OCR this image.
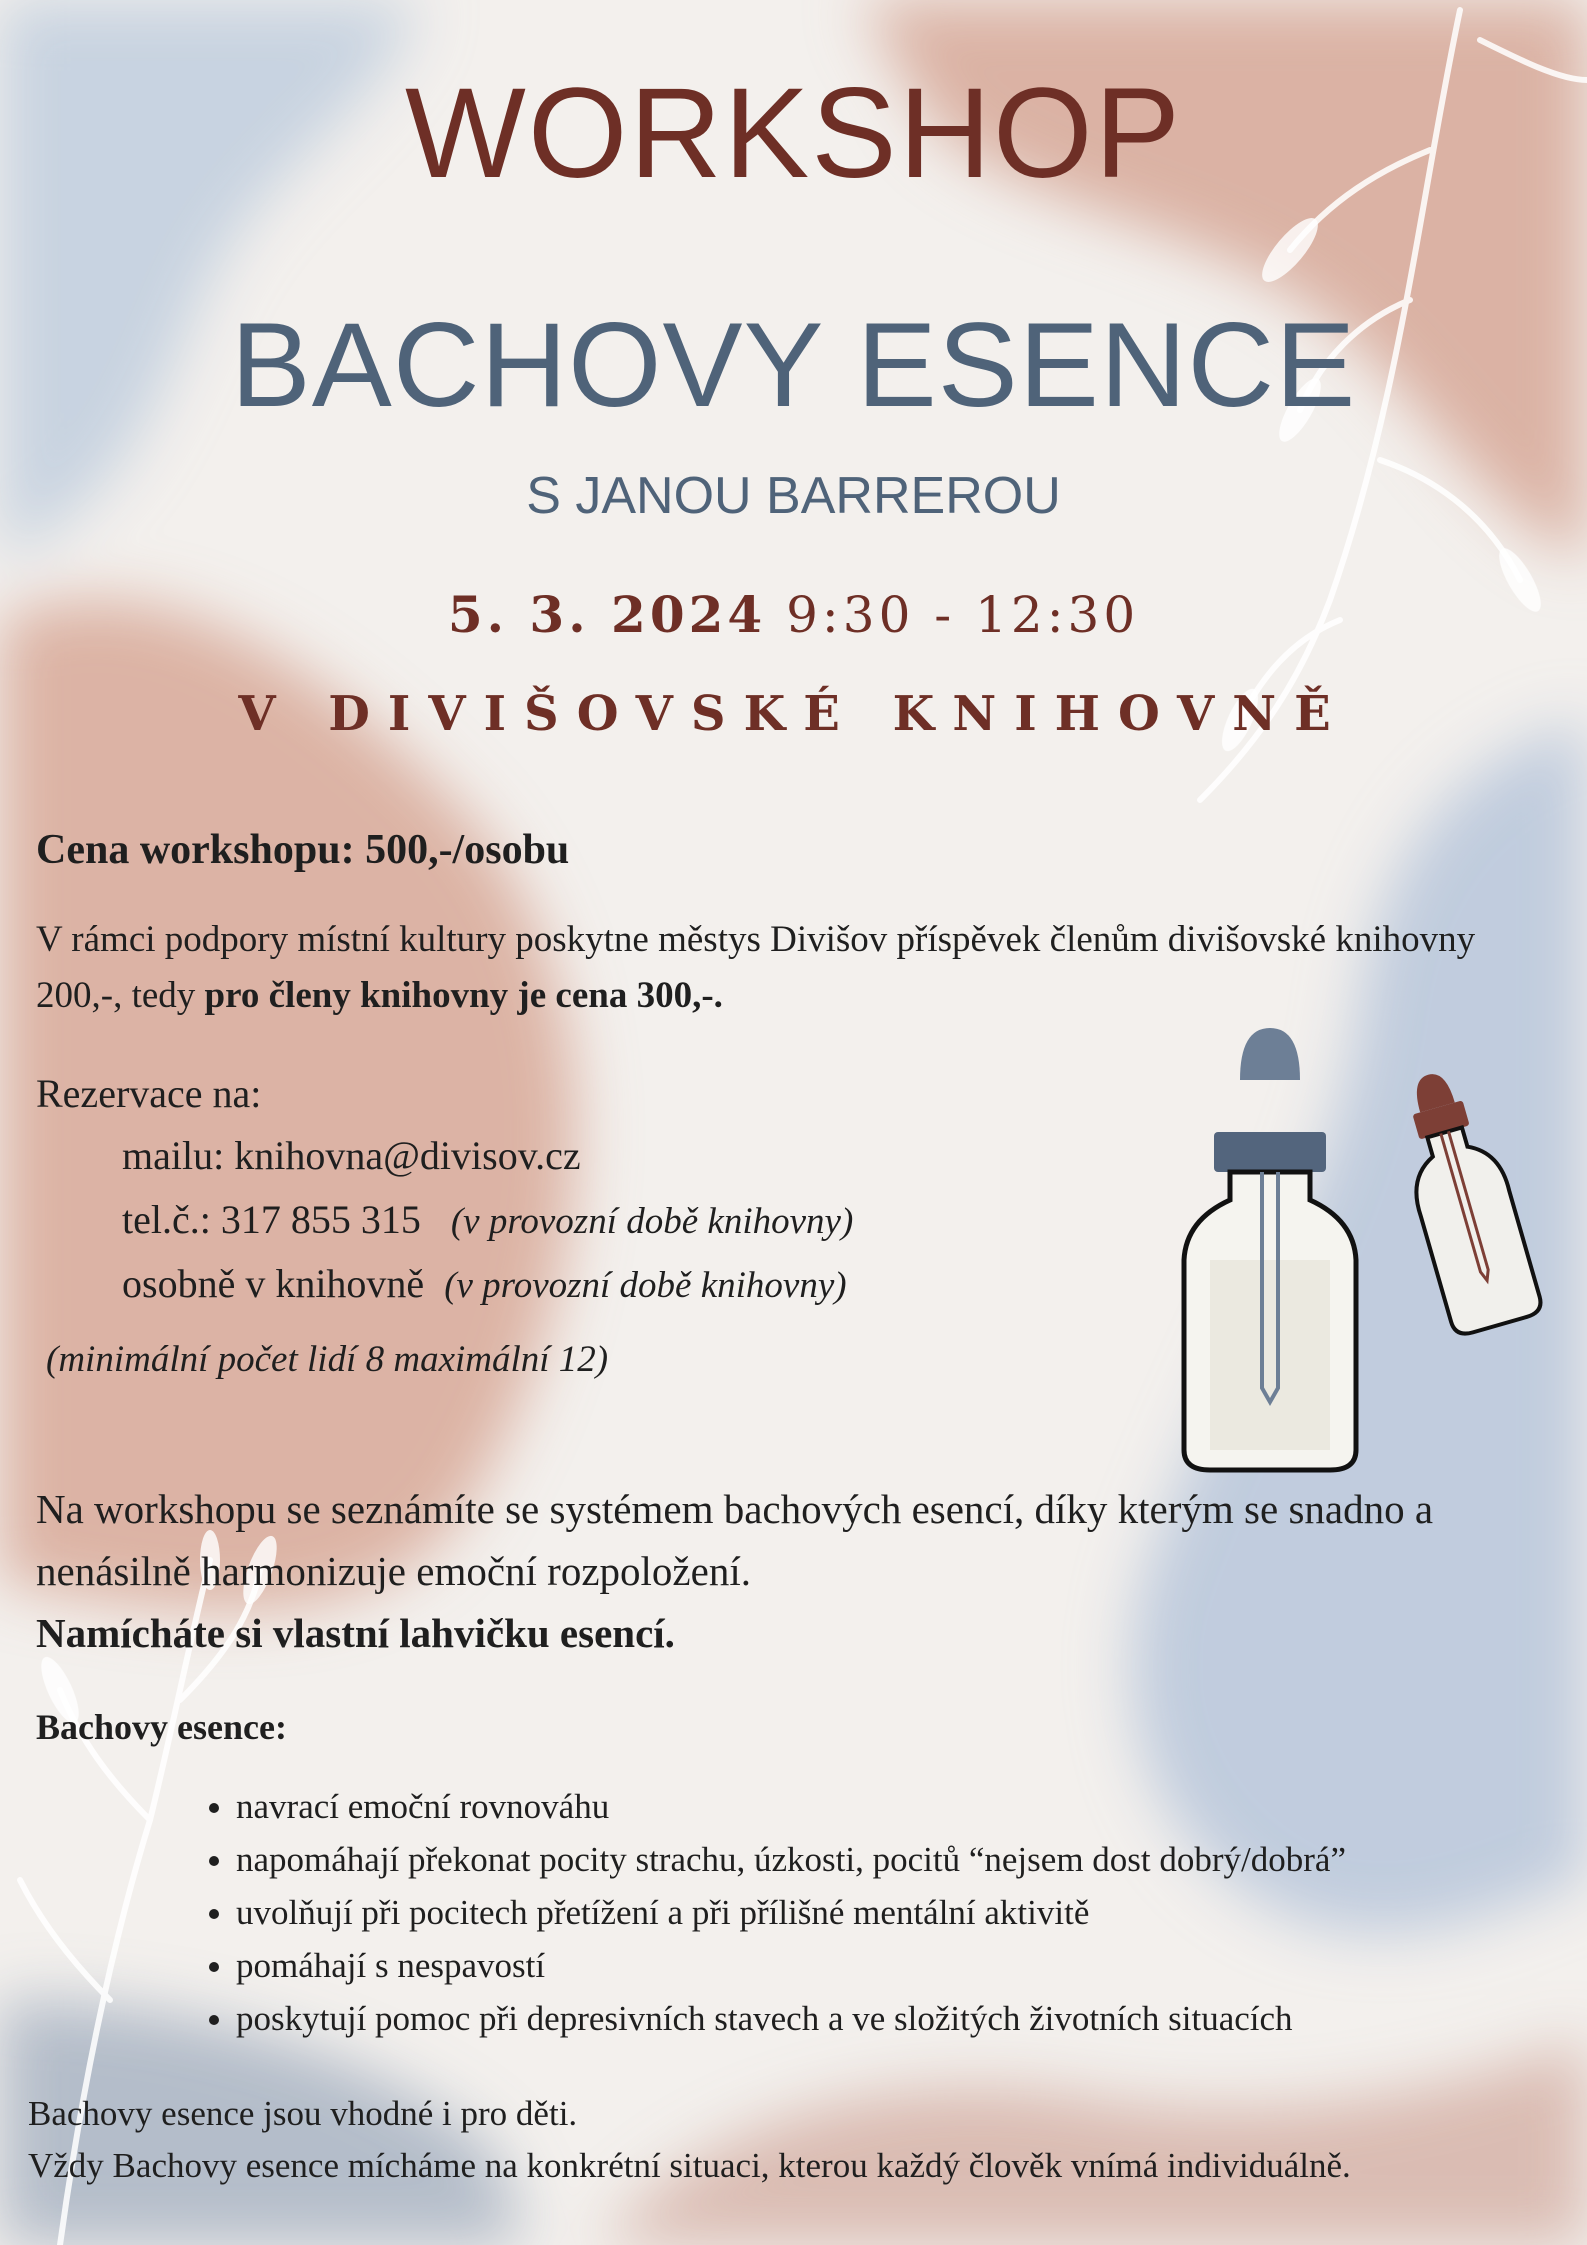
WORKSHOP
BACHOVY ESENCE
S JANOU BARREROU
5. 3. 2024 9:30 - 12:30
V DIVIŠOVSKÉ KNIHOVNĚ
Cena workshopu: 500,-/osobu
V rámci podpory místní kultury poskytne městys Divišov příspěvek členům divišovské knihovny 200,-, tedy pro členy knihovny je cena 300,-.
Rezervace na:
mailu: knihovna@divisov.cz
tel.č.: 317 855 315 (v provozní době knihovny)
osobně v knihovně (v provozní době knihovny)
(minimální počet lidí 8 maximální 12)
Na workshopu se seznámíte se systémem bachových esencí, díky kterým se snadno a nenásilně harmonizuje emoční rozpoložení.
Namícháte si vlastní lahvičku esencí.
Bachovy esence:
• navrací emoční rovnováhu
• napomáhají překonat pocity strachu, úzkosti, pocitů “nejsem dost dobrý/dobrá”
• uvolňují při pocitech přetížení a při přílišné mentální aktivitě
• pomáhají s nespavostí
• poskytují pomoc při depresivních stavech a ve složitých životních situacích
Bachovy esence jsou vhodné i pro děti.
Vždy Bachovy esence mícháme na konkrétní situaci, kterou každý člověk vnímá individuálně.
